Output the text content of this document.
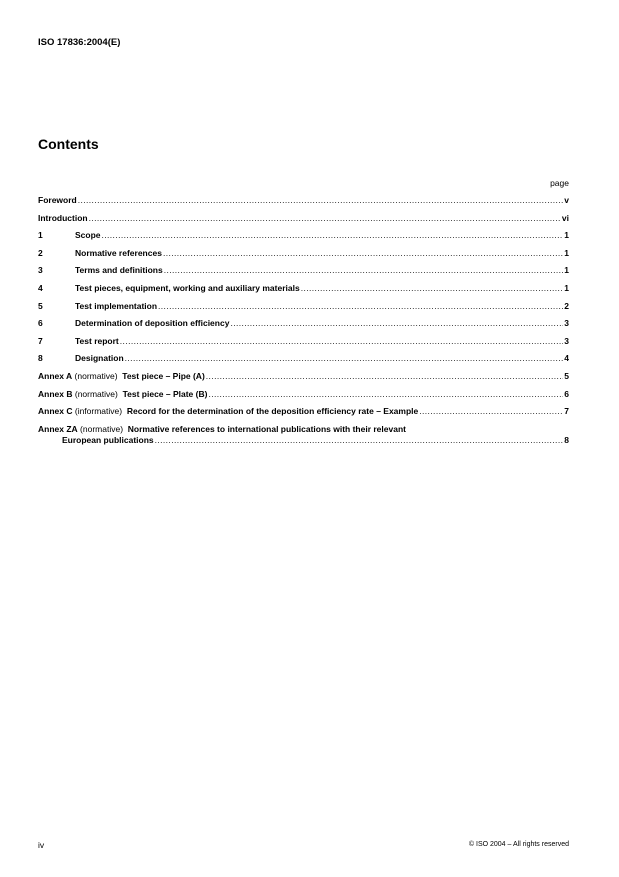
ISO 17836:2004(E)
Contents
page
Foreword .....	v
Introduction .....	vi
1	Scope .....	1
2	Normative references .....	1
3	Terms and definitions .....	1
4	Test pieces, equipment, working and auxiliary materials .....	1
5	Test implementation .....	2
6	Determination of deposition efficiency .....	3
7	Test report .....	3
8	Designation .....	4
Annex A (normative) Test piece – Pipe (A) .....	5
Annex B (normative) Test piece – Plate (B) .....	6
Annex C (informative) Record for the determination of the deposition efficiency rate – Example .....	7
Annex ZA (normative) Normative references to international publications with their relevant
European publications .....	8
iv	© ISO 2004 – All rights reserved
